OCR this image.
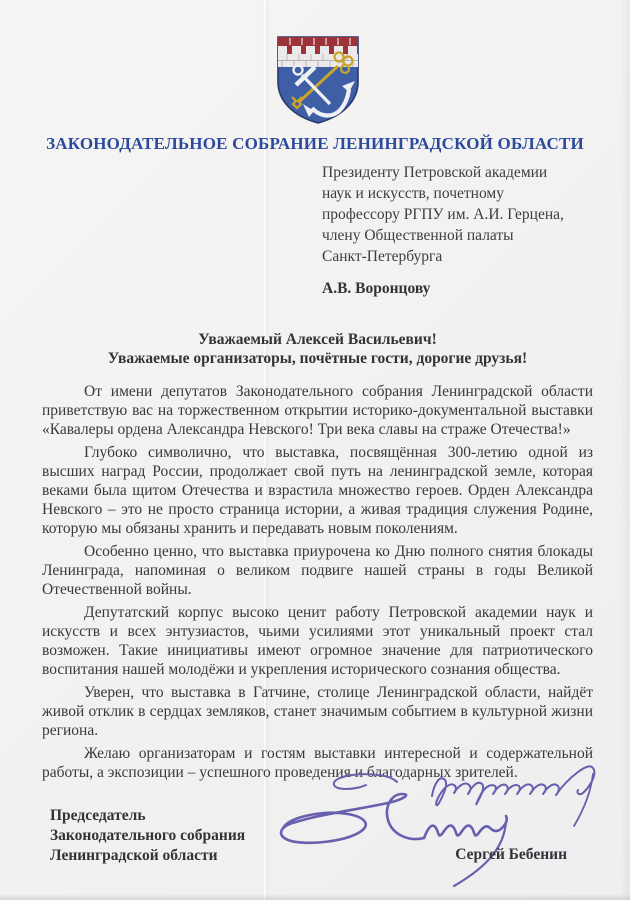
ЗАКОНОДАТЕЛЬНОЕ СОБРАНИЕ ЛЕНИНГРАДСКОЙ ОБЛАСТИ
Президенту Петровской академии
наук и искусств, почетному
профессору РГПУ им. А.И. Герцена,
члену Общественной палаты
Санкт-Петербурга
А.В. Воронцову
Уважаемый Алексей Васильевич!
Уважаемые организаторы, почётные гости, дорогие друзья!

От имени депутатов Законодательного собрания Ленинградской области приветствую вас на торжественном открытии историко-документальной выставки «Кавалеры ордена Александра Невского! Три века славы на страже Отечества!»

Глубоко символично, что выставка, посвящённая 300-летию одной из высших наград России, продолжает свой путь на ленинградской земле, которая веками была щитом Отечества и взрастила множество героев. Орден Александра Невского – это не просто страница истории, а живая традиция служения Родине, которую мы обязаны хранить и передавать новым поколениям.

Особенно ценно, что выставка приурочена ко Дню полного снятия блокады Ленинграда, напоминая о великом подвиге нашей страны в годы Великой Отечественной войны.

Депутатский корпус высоко ценит работу Петровской академии наук и искусств и всех энтузиастов, чьими усилиями этот уникальный проект стал возможен. Такие инициативы имеют огромное значение для патриотического воспитания нашей молодёжи и укрепления исторического сознания общества.

Уверен, что выставка в Гатчине, столице Ленинградской области, найдёт живой отклик в сердцах земляков, станет значимым событием в культурной жизни региона.

Желаю организаторам и гостям выставки интересной и содержательной работы, а экспозиции – успешного проведения и благодарных зрителей.

Председатель
Законодательного собрания
Ленинградской области	Сергей Бебенин
